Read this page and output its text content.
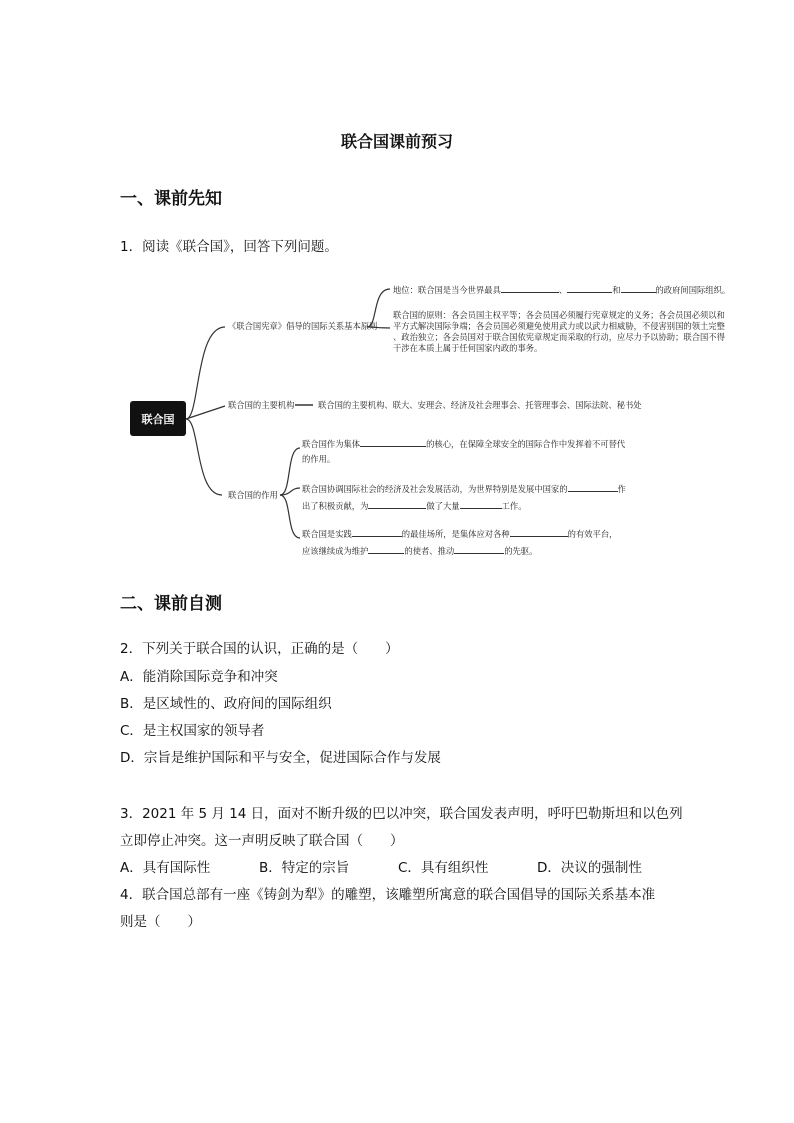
联合国课前预习
一、课前先知
1．阅读《联合国》，回答下列问题。
联合国
《联合国宪章》倡导的国际关系基本原则
联合国的主要机构
联合国的作用
地位：联合国是当今世界最具	、	和	的政府间国际组织。
联合国的原则：各会员国主权平等；各会员国必须履行宪章规定的义务；各会员国必须以和
平方式解决国际争端；各会员国必须避免使用武力或以武力相威胁，不侵害别国的领土完整
、政治独立；各会员国对于联合国依宪章规定而采取的行动，应尽力予以协助；联合国不得
干涉在本质上属于任何国家内政的事务。
联合国的主要机构、联大、安理会、经济及社会理事会、托管理事会、国际法院、秘书处
联合国作为集体	的核心，在保障全球安全的国际合作中发挥着不可替代
的作用。
联合国协调国际社会的经济及社会发展活动，为世界特别是发展中国家的	作
出了积极贡献，为	做了大量	工作。
联合国是实践	的最佳场所，是集体应对各种	的有效平台，
应该继续成为维护	的使者、推动	的先驱。
二、课前自测
2．下列关于联合国的认识，正确的是（　　）
A．能消除国际竞争和冲突
B．是区域性的、政府间的国际组织
C．是主权国家的领导者
D．宗旨是维护国际和平与安全，促进国际合作与发展
3．2021 年 5 月 14 日，面对不断升级的巴以冲突，联合国发表声明，呼吁巴勒斯坦和以色列
立即停止冲突。这一声明反映了联合国（　　）
A．具有国际性	B．特定的宗旨	C．具有组织性	D．决议的强制性
4．联合国总部有一座《铸剑为犁》的雕塑，该雕塑所寓意的联合国倡导的国际关系基本准
则是（　　）
